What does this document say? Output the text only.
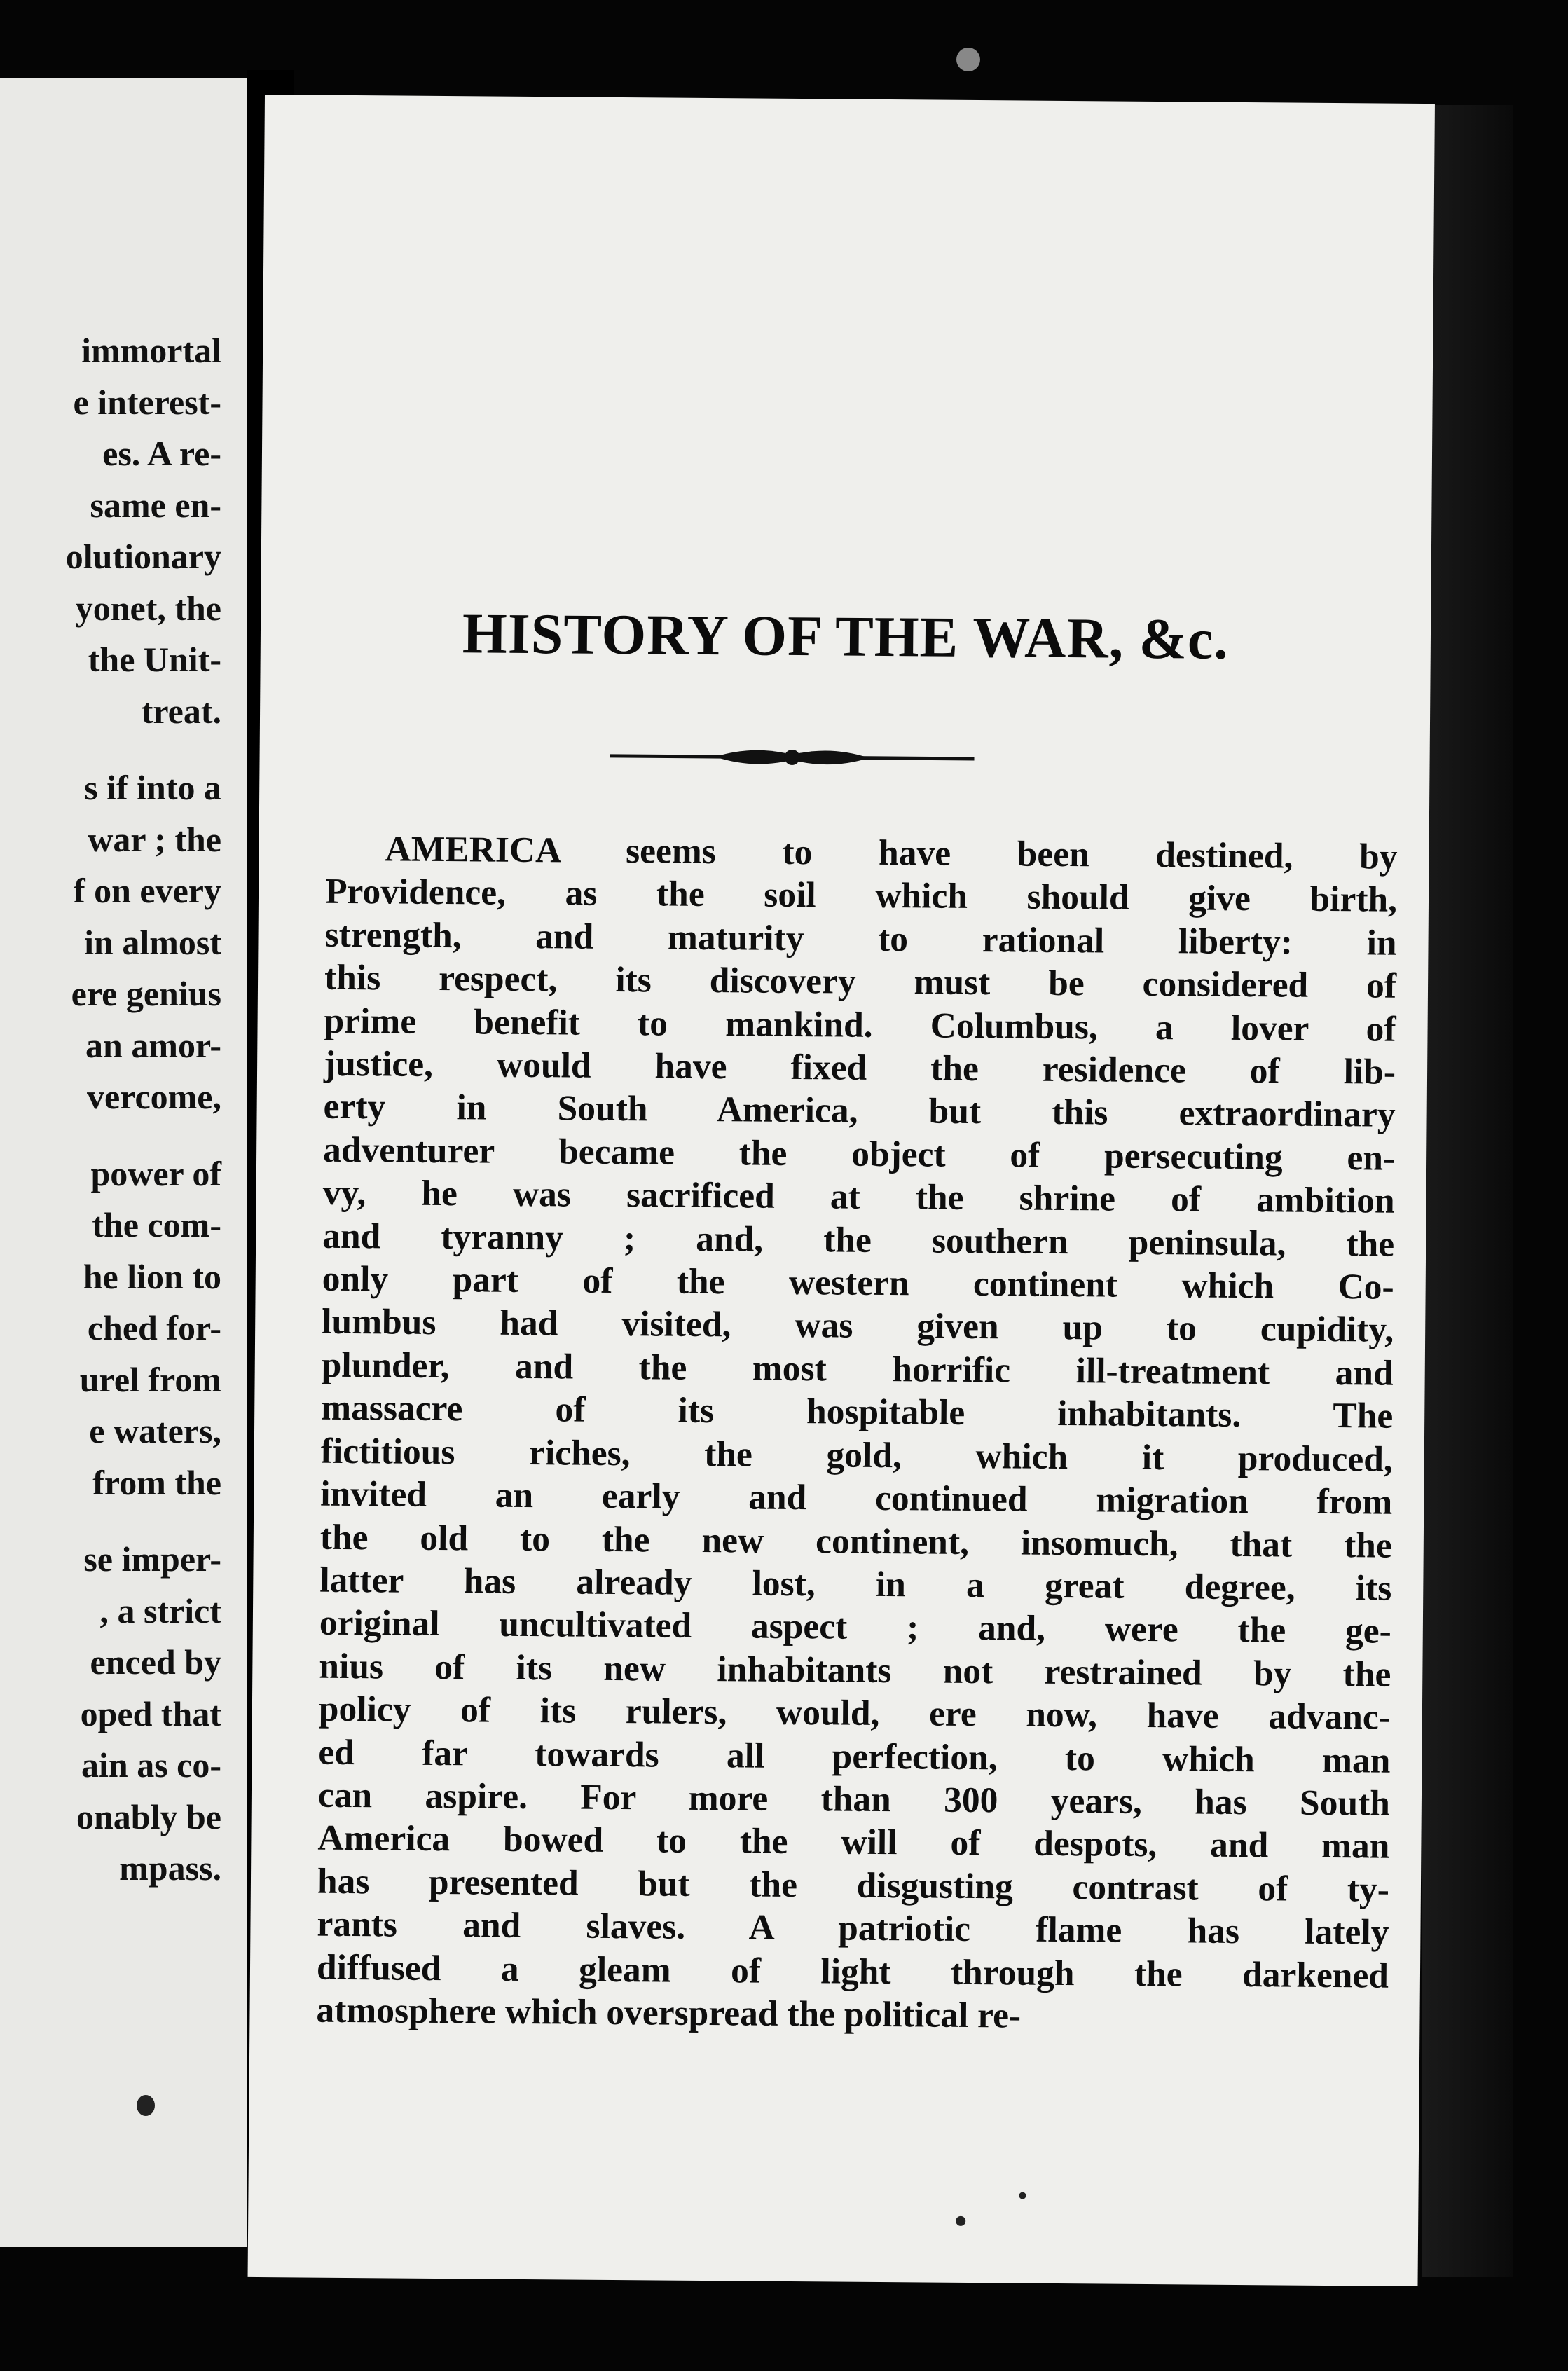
immortal
e interest-
es. A re-
same en-
olutionary
yonet, the
the Unit-
treat.
s if into a
war ; the
f on every
in almost
ere genius
an amor-
vercome,
power of
the com-
he lion to
ched for-
urel from
e waters,
from the
se imper-
, a strict
enced by
oped that
ain as co-
onably be
mpass.

HISTORY OF THE WAR, &c.
AMERICA seems to have been destined, by
Providence, as the soil which should give birth,
strength, and maturity to rational liberty: in
this respect, its discovery must be considered of
prime benefit to mankind. Columbus, a lover of
justice, would have fixed the residence of lib-
erty in South America, but this extraordinary
adventurer became the object of persecuting en-
vy, he was sacrificed at the shrine of ambition
and tyranny ; and, the southern peninsula, the
only part of the western continent which Co-
lumbus had visited, was given up to cupidity,
plunder, and the most horrific ill-treatment and
massacre of its hospitable inhabitants. The
fictitious riches, the gold, which it produced,
invited an early and continued migration from
the old to the new continent, insomuch, that the
latter has already lost, in a great degree, its
original uncultivated aspect ; and, were the ge-
nius of its new inhabitants not restrained by the
policy of its rulers, would, ere now, have advanc-
ed far towards all perfection, to which man
can aspire. For more than 300 years, has South
America bowed to the will of despots, and man
has presented but the disgusting contrast of ty-
rants and slaves. A patriotic flame has lately
diffused a gleam of light through the darkened
atmosphere which overspread the political re-
